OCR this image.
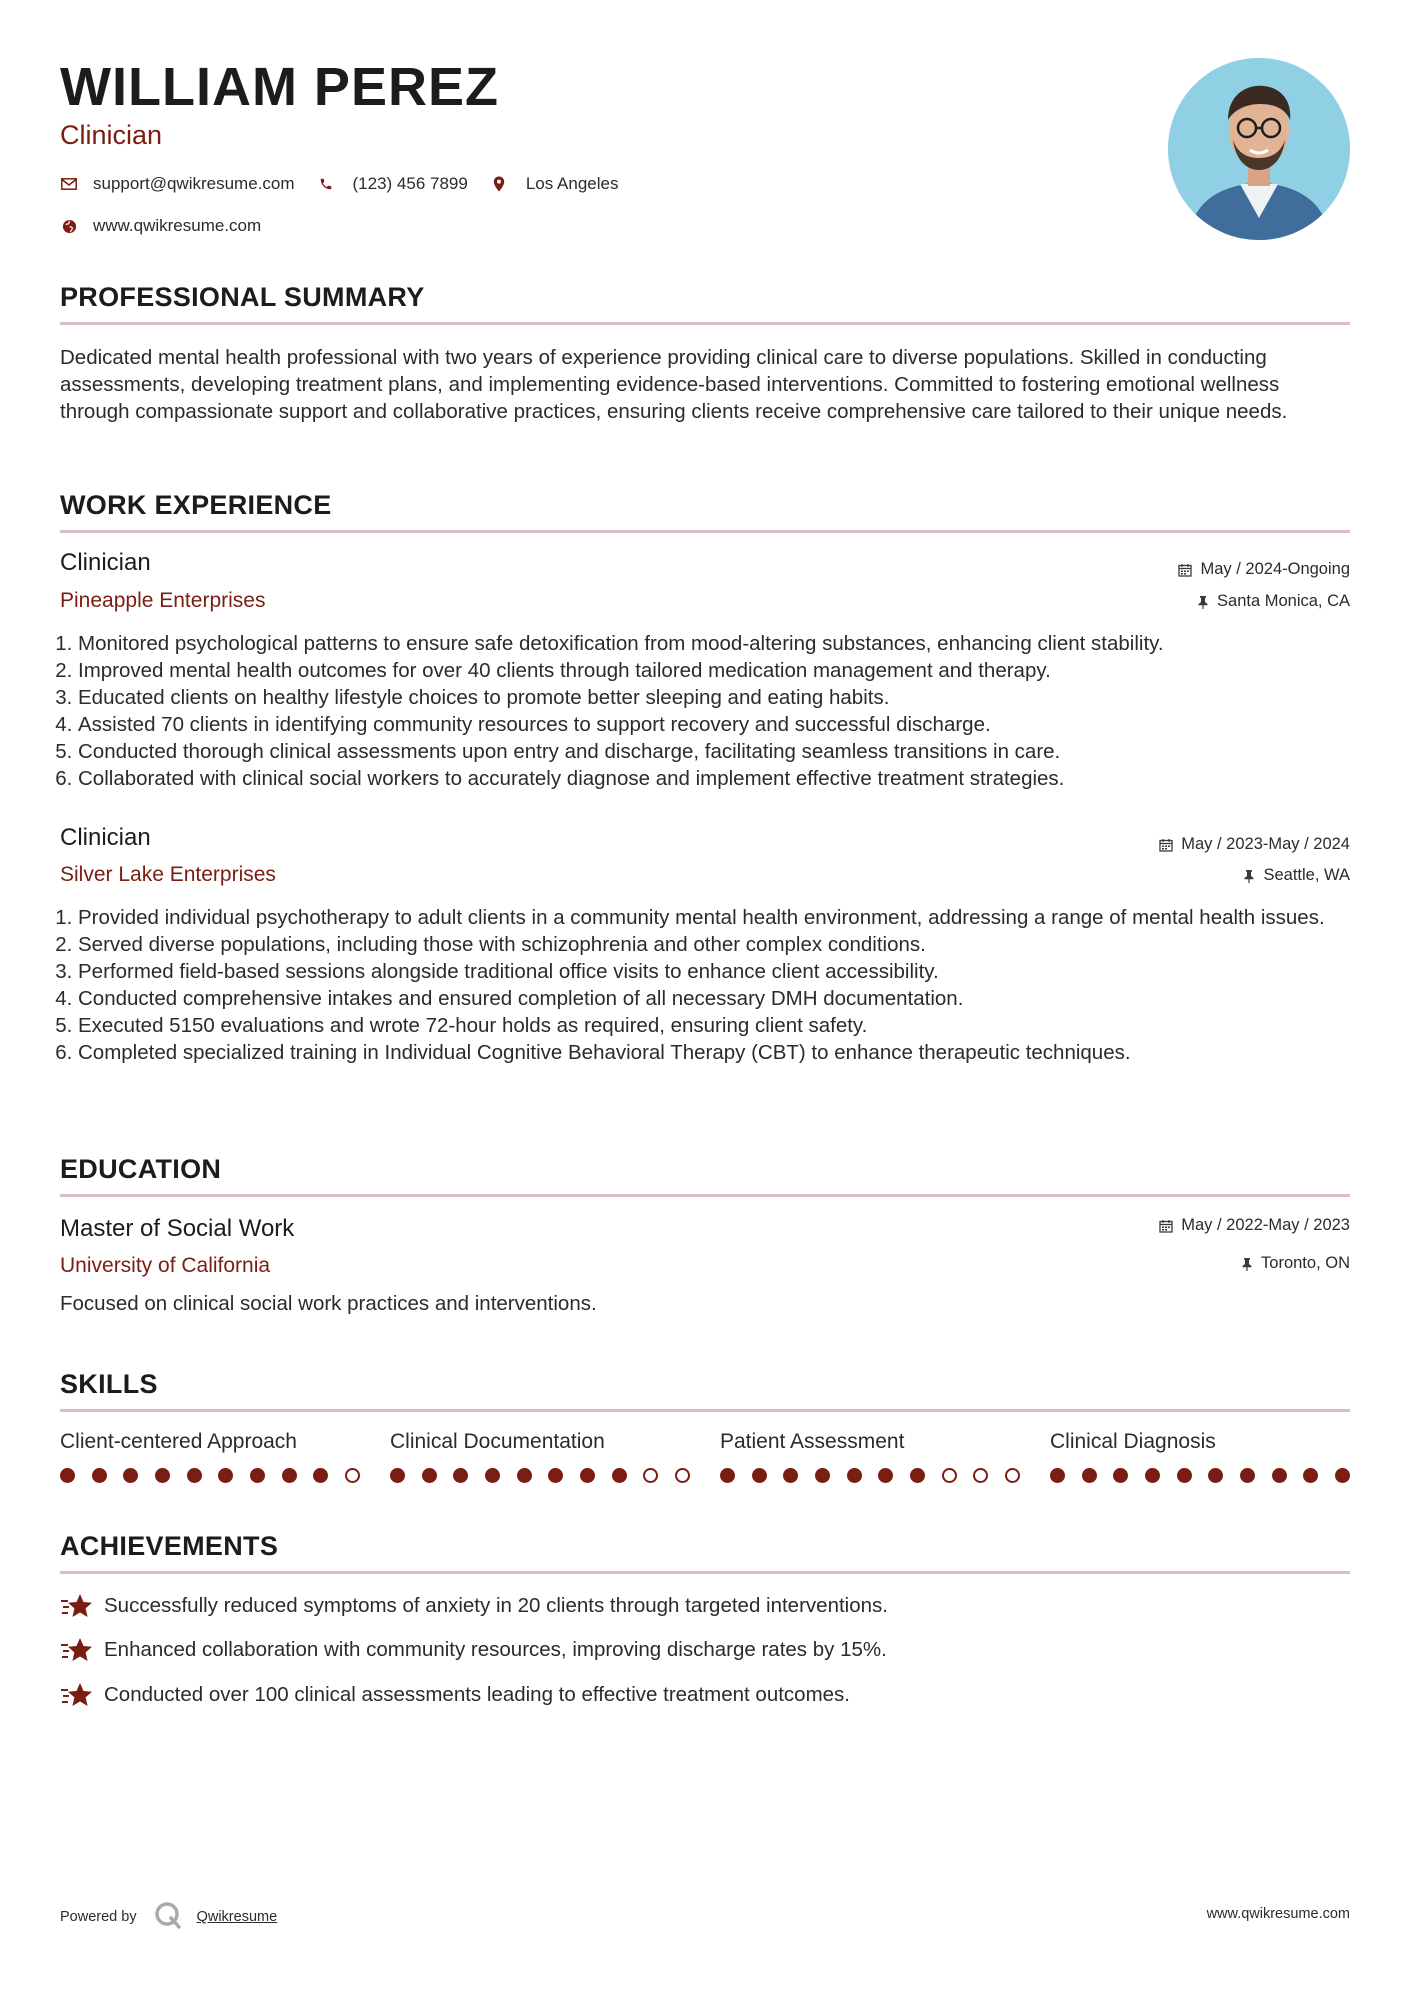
WILLIAM PEREZ
Clinician
support@qwikresume.com	(123) 456 7899	Los Angeles
www.qwikresume.com
PROFESSIONAL SUMMARY

Dedicated mental health professional with two years of experience providing clinical care to diverse populations. Skilled in conducting assessments, developing treatment plans, and implementing evidence-based interventions. Committed to fostering emotional wellness through compassionate support and collaborative practices, ensuring clients receive comprehensive care tailored to their unique needs.

WORK EXPERIENCE
Clinician
Pineapple Enterprises
May / 2024-Ongoing
Santa Monica, CA
1. Monitored psychological patterns to ensure safe detoxification from mood-altering substances, enhancing client stability.
2. Improved mental health outcomes for over 40 clients through tailored medication management and therapy.
3. Educated clients on healthy lifestyle choices to promote better sleeping and eating habits.
4. Assisted 70 clients in identifying community resources to support recovery and successful discharge.
5. Conducted thorough clinical assessments upon entry and discharge, facilitating seamless transitions in care.
6. Collaborated with clinical social workers to accurately diagnose and implement effective treatment strategies.
Clinician
Silver Lake Enterprises
May / 2023-May / 2024
Seattle, WA
1. Provided individual psychotherapy to adult clients in a community mental health environment, addressing a range of mental health issues.
2. Served diverse populations, including those with schizophrenia and other complex conditions.
3. Performed field-based sessions alongside traditional office visits to enhance client accessibility.
4. Conducted comprehensive intakes and ensured completion of all necessary DMH documentation.
5. Executed 5150 evaluations and wrote 72-hour holds as required, ensuring client safety.
6. Completed specialized training in Individual Cognitive Behavioral Therapy (CBT) to enhance therapeutic techniques.
EDUCATION
Master of Social Work
University of California
May / 2022-May / 2023
Toronto, ON

Focused on clinical social work practices and interventions.

SKILLS
Client-centered Approach	Clinical Documentation	Patient Assessment	Clinical Diagnosis
ACHIEVEMENTS
Successfully reduced symptoms of anxiety in 20 clients through targeted interventions.
Enhanced collaboration with community resources, improving discharge rates by 15%.
Conducted over 100 clinical assessments leading to effective treatment outcomes.
Powered by	Qwikresume	www.qwikresume.com
